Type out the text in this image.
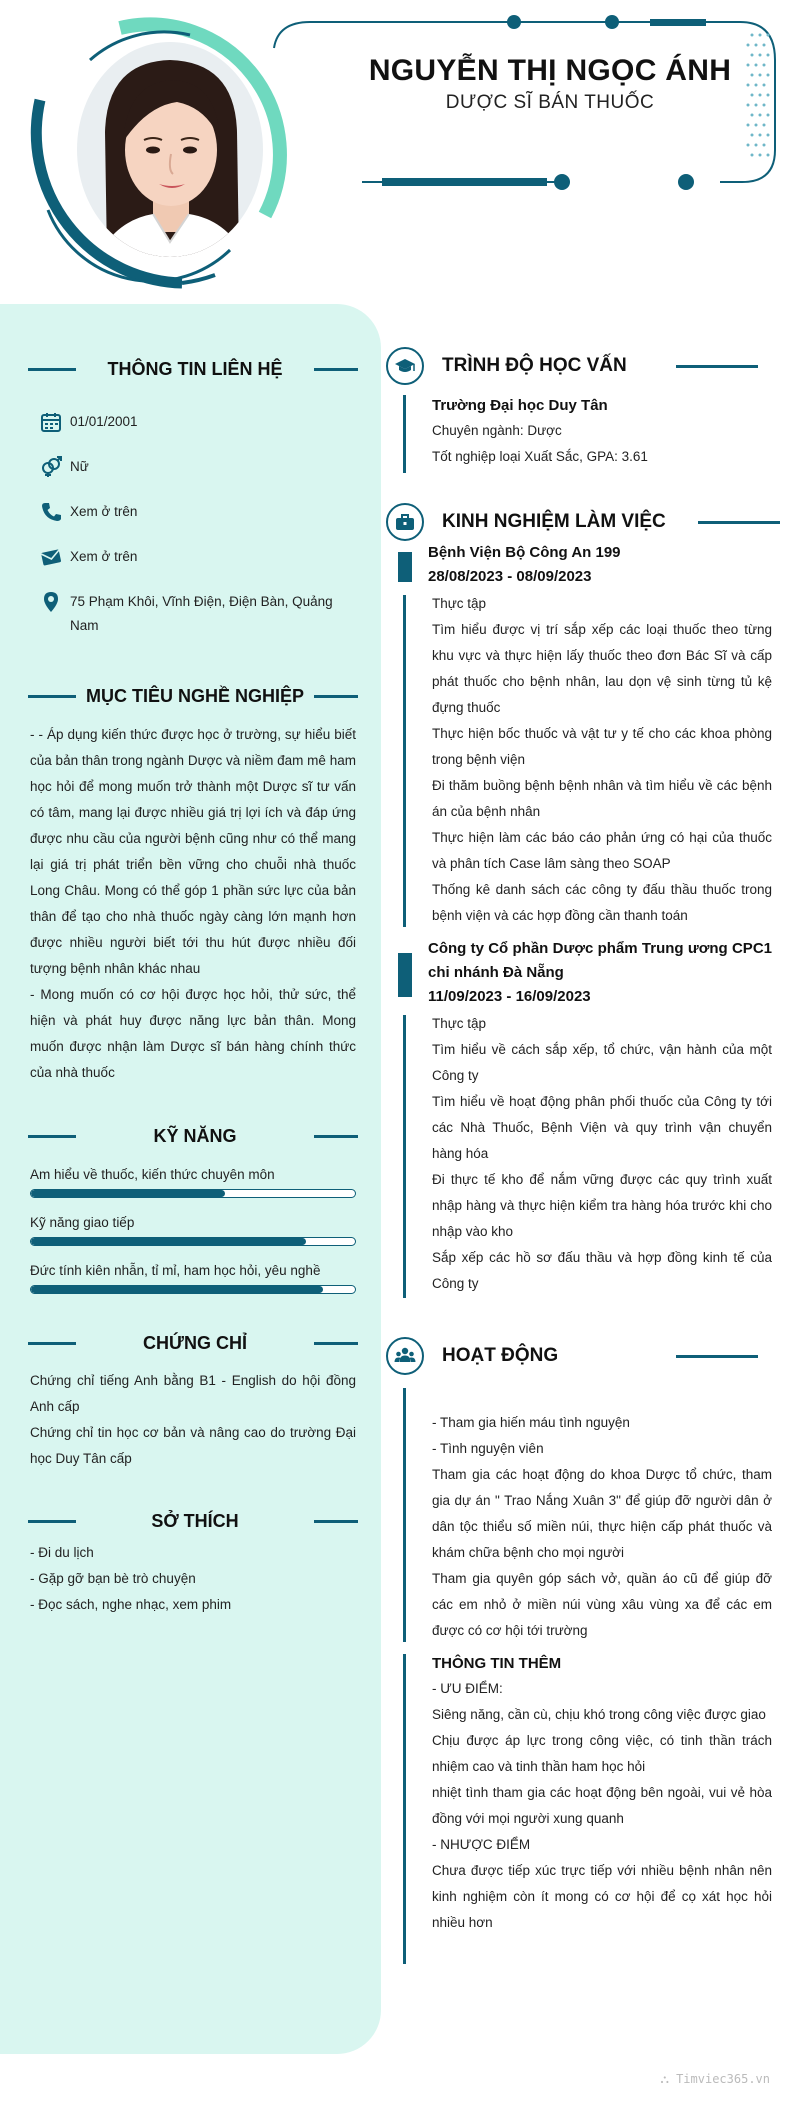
NGUYỄN THỊ NGỌC ÁNH
DƯỢC SĨ BÁN THUỐC
THÔNG TIN LIÊN HỆ
01/01/2001
Nữ
Xem ở trên
Xem ở trên
75 Phạm Khôi, Vĩnh Điện, Điện Bàn, Quảng Nam
MỤC TIÊU NGHỀ NGHIỆP
- - Áp dụng kiến thức được học ở trường, sự hiểu biết của bản thân trong ngành Dược và niềm đam mê ham học hỏi để mong muốn trở thành một Dược sĩ tư vấn có tâm, mang lại được nhiều giá trị lợi ích và đáp ứng được nhu cầu của người bệnh cũng như có thể mang lại giá trị phát triển bền vững cho chuỗi nhà thuốc Long Châu. Mong có thể góp 1 phần sức lực của bản thân để tạo cho nhà thuốc ngày càng lớn mạnh hơn được nhiều người biết tới thu hút được nhiều đối tượng bệnh nhân khác nhau
- Mong muốn có cơ hội được học hỏi, thử sức, thể hiện và phát huy được năng lực bản thân. Mong muốn được nhận làm Dược sĩ bán hàng chính thức của nhà thuốc
KỸ NĂNG
Am hiểu về thuốc, kiến thức chuyên môn
Kỹ năng giao tiếp
Đức tính kiên nhẫn, tỉ mỉ, ham học hỏi, yêu nghề
CHỨNG CHỈ
Chứng chỉ tiếng Anh bằng B1 - English do hội đồng Anh cấp
Chứng chỉ tin học cơ bản và nâng cao do trường Đại học Duy Tân cấp
SỞ THÍCH
- Đi du lịch
- Gặp gỡ bạn bè trò chuyện
- Đọc sách, nghe nhạc, xem phim
TRÌNH ĐỘ HỌC VẤN
Trường Đại học Duy Tân
Chuyên ngành: Dược
Tốt nghiệp loại Xuất Sắc, GPA: 3.61
KINH NGHIỆM LÀM VIỆC
Bệnh Viện Bộ Công An 199
28/08/2023 - 08/09/2023
Thực tập
Tìm hiểu được vị trí sắp xếp các loại thuốc theo từng khu vực và thực hiện lấy thuốc theo đơn Bác Sĩ và cấp phát thuốc cho bệnh nhân, lau dọn vệ sinh từng tủ kệ đựng thuốc
Thực hiện bốc thuốc và vật tư y tế cho các khoa phòng trong bệnh viện
Đi thăm buồng bệnh bệnh nhân và tìm hiểu về các bệnh án của bệnh nhân
Thực hiện làm các báo cáo phản ứng có hại của thuốc và phân tích Case lâm sàng theo SOAP
Thống kê danh sách các công ty đấu thầu thuốc trong bệnh viện và các hợp đồng cần thanh toán
Công ty Cổ phần Dược phẩm Trung ương CPC1 chi nhánh Đà Nẵng
11/09/2023 - 16/09/2023
Thực tập
Tìm hiểu về cách sắp xếp, tổ chức, vận hành của một Công ty
Tìm hiểu về hoạt động phân phối thuốc của Công ty tới các Nhà Thuốc, Bệnh Viện và quy trình vận chuyển hàng hóa
Đi thực tế kho để nắm vững được các quy trình xuất nhập hàng và thực hiện kiểm tra hàng hóa trước khi cho nhập vào kho
Sắp xếp các hồ sơ đấu thầu và hợp đồng kinh tế của Công ty
HOẠT ĐỘNG
- Tham gia hiến máu tình nguyện
- Tình nguyện viên
Tham gia các hoạt động do khoa Dược tổ chức, tham gia dự án " Trao Nắng Xuân 3" để giúp đỡ người dân ở dân tộc thiểu số miền núi, thực hiện cấp phát thuốc và khám chữa bệnh cho mọi người
Tham gia quyên góp sách vở, quần áo cũ để giúp đỡ các em nhỏ ở miền núi vùng xâu vùng xa để các em được có cơ hội tới trường
THÔNG TIN THÊM
- ƯU ĐIỂM:
Siêng năng, cần cù, chịu khó trong công việc được giao
Chịu được áp lực trong công việc, có tinh thần trách nhiệm cao và tinh thần ham học hỏi
nhiệt tình tham gia các hoạt động bên ngoài, vui vẻ hòa đồng với mọi người xung quanh
- NHƯỢC ĐIỂM
Chưa được tiếp xúc trực tiếp với nhiều bệnh nhân nên kinh nghiệm còn ít mong có cơ hội để cọ xát học hỏi nhiều hơn
⛬ Timviec365.vn
